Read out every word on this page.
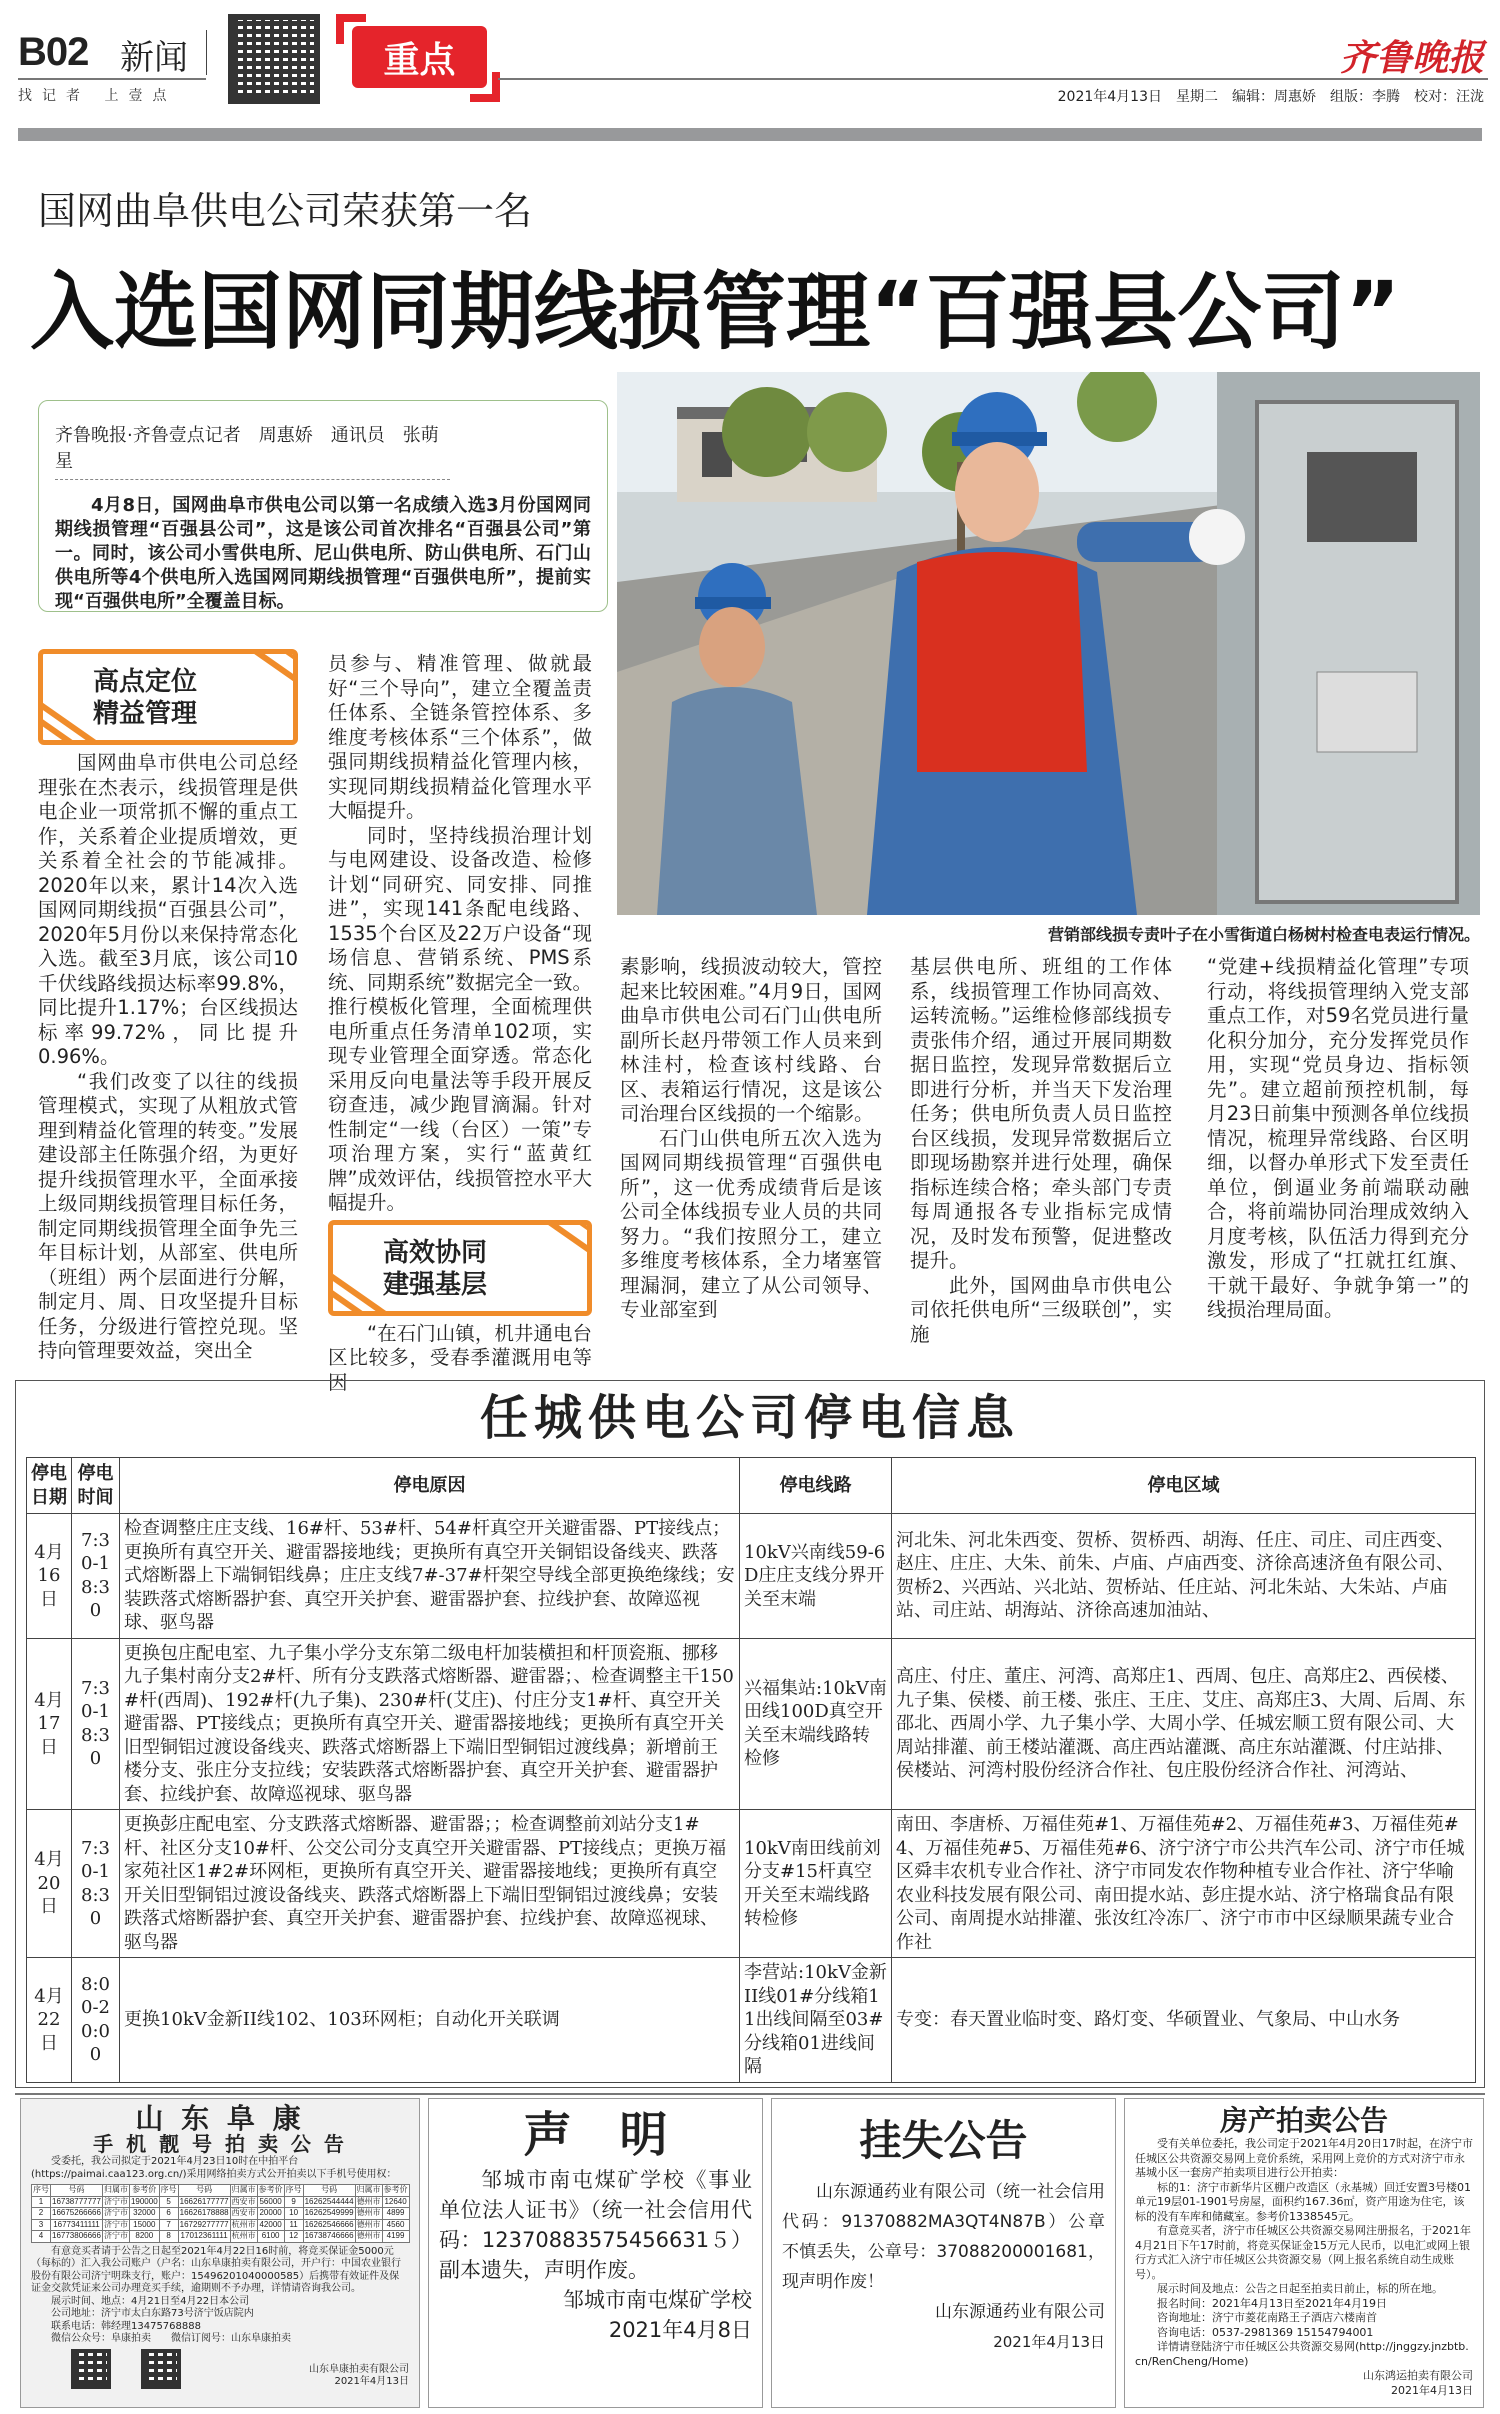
B02 新闻
找记者 上壹点
重点	齐鲁晚报
2021年4月13日　星期二　编辑：周惠娇　组版：李腾　校对：汪泷
国网曲阜供电公司荣获第一名
入选国网同期线损管理“百强县公司”
齐鲁晚报·齐鲁壹点记者　周惠娇　通讯员　张萌星
4月8日，国网曲阜市供电公司以第一名成绩入选3月份国网同期线损管理“百强县公司”，这是该公司首次排名“百强县公司”第一。同时，该公司小雪供电所、尼山供电所、防山供电所、石门山供电所等4个供电所入选国网同期线损管理“百强供电所”，提前实现“百强供电所”全覆盖目标。
营销部线损专责叶子在小雪街道白杨树村检查电表运行情况。
高点定位
精益管理

国网曲阜市供电公司总经理张在杰表示，线损管理是供电企业一项常抓不懈的重点工作，关系着企业提质增效，更关系着全社会的节能减排。2020年以来，累计14次入选国网同期线损“百强县公司”，2020年5月份以来保持常态化入选。截至3月底，该公司10千伏线路线损达标率99.8%，同比提升1.17%；台区线损达标率99.72%，同比提升0.96%。

“我们改变了以往的线损管理模式，实现了从粗放式管理到精益化管理的转变。”发展建设部主任陈强介绍，为更好提升线损管理水平，全面承接上级同期线损管理目标任务，制定同期线损管理全面争先三年目标计划，从部室、供电所（班组）两个层面进行分解，制定月、周、日攻坚提升目标任务，分级进行管控兑现。坚持向管理要效益，突出全

员参与、精准管理、做就最好“三个导向”，建立全覆盖责任体系、全链条管控体系、多维度考核体系“三个体系”，做强同期线损精益化管理内核，实现同期线损精益化管理水平大幅提升。

同时，坚持线损治理计划与电网建设、设备改造、检修计划“同研究、同安排、同推进”，实现141条配电线路、1535个台区及22万户设备“现场信息、营销系统、PMS系统、同期系统”数据完全一致。推行模板化管理，全面梳理供电所重点任务清单102项，实现专业管理全面穿透。常态化采用反向电量法等手段开展反窃查违，减少跑冒滴漏。针对性制定“一线（台区）一策”专项治理方案，实行“蓝黄红牌”成效评估，线损管控水平大幅提升。

高效协同
建强基层

“在石门山镇，机井通电台区比较多，受春季灌溉用电等因

素影响，线损波动较大，管控起来比较困难。”4月9日，国网曲阜市供电公司石门山供电所副所长赵丹带领工作人员来到林洼村，检查该村线路、台区、表箱运行情况，这是该公司治理台区线损的一个缩影。

石门山供电所五次入选为国网同期线损管理“百强供电所”，这一优秀成绩背后是该公司全体线损专业人员的共同努力。“我们按照分工，建立多维度考核体系，全力堵塞管理漏洞，建立了从公司领导、专业部室到

基层供电所、班组的工作体系，线损管理工作协同高效、运转流畅。”运维检修部线损专责张伟介绍，通过开展同期数据日监控，发现异常数据后立即进行分析，并当天下发治理任务；供电所负责人员日监控台区线损，发现异常数据后立即现场勘察并进行处理，确保指标连续合格；牵头部门专责每周通报各专业指标完成情况，及时发布预警，促进整改提升。

此外，国网曲阜市供电公司依托供电所“三级联创”，实施

“党建+线损精益化管理”专项行动，将线损管理纳入党支部重点工作，对59名党员进行量化积分加分，充分发挥党员作用，实现“党员身边、指标领先”。建立超前预控机制，每月23日前集中预测各单位线损情况，梳理异常线路、台区明细，以督办单形式下发至责任单位，倒逼业务前端联动融合，将前端协同治理成效纳入月度考核，队伍活力得到充分激发，形成了“扛就扛红旗、干就干最好、争就争第一”的线损治理局面。

任城供电公司停电信息
停电日期	停电时间	停电原因	停电线路	停电区域
4月16日	7:30-18:30	检查调整庄庄支线、16#杆、53#杆、54#杆真空开关避雷器、PT接线点；更换所有真空开关、避雷器接地线；更换所有真空开关铜铝设备线夹、跌落式熔断器上下端铜铝线鼻；庄庄支线7#-37#杆架空导线全部更换绝缘线；安装跌落式熔断器护套、真空开关护套、避雷器护套、拉线护套、故障巡视球、驱鸟器	10kV兴南线59-6D庄庄支线分界开关至末端	河北朱、河北朱西变、贺桥、贺桥西、胡海、任庄、司庄、司庄西变、赵庄、庄庄、大朱、前朱、卢庙、卢庙西变、济徐高速济鱼有限公司、贺桥2、兴西站、兴北站、贺桥站、任庄站、河北朱站、大朱站、卢庙站、司庄站、胡海站、济徐高速加油站、
4月17日	7:30-18:30	更换包庄配电室、九子集小学分支东第二级电杆加装横担和杆顶瓷瓶、挪移九子集村南分支2#杆、所有分支跌落式熔断器、避雷器；、检查调整主干150#杆(西周)、192#杆(九子集)、230#杆(艾庄)、付庄分支1#杆、真空开关避雷器、PT接线点；更换所有真空开关、避雷器接地线；更换所有真空开关旧型铜铝过渡设备线夹、跌落式熔断器上下端旧型铜铝过渡线鼻；新增前王楼分支、张庄分支拉线；安装跌落式熔断器护套、真空开关护套、避雷器护套、拉线护套、故障巡视球、驱鸟器	兴福集站:10kV南田线100D真空开关至末端线路转检修	高庄、付庄、董庄、河湾、高郑庄1、西周、包庄、高郑庄2、西侯楼、九子集、侯楼、前王楼、张庄、王庄、艾庄、高郑庄3、大周、后周、东邵北、西周小学、九子集小学、大周小学、任城宏顺工贸有限公司、大周站排灌、前王楼站灌溉、高庄西站灌溉、高庄东站灌溉、付庄站排、侯楼站、河湾村股份经济合作社、包庄股份经济合作社、河湾站、
4月20日	7:30-18:30	更换彭庄配电室、分支跌落式熔断器、避雷器；；检查调整前刘站分支1#杆、社区分支10#杆、公交公司分支真空开关避雷器、PT接线点；更换万福家苑社区1#2#环网柜，更换所有真空开关、避雷器接地线；更换所有真空开关旧型铜铝过渡设备线夹、跌落式熔断器上下端旧型铜铝过渡线鼻；安装跌落式熔断器护套、真空开关护套、避雷器护套、拉线护套、故障巡视球、驱鸟器	10kV南田线前刘分支#15杆真空开关至末端线路转检修	南田、李唐桥、万福佳苑#1、万福佳苑#2、万福佳苑#3、万福佳苑#4、万福佳苑#5、万福佳苑#6、济宁济宁市公共汽车公司、济宁市任城区舜丰农机专业合作社、济宁市同发农作物种植专业合作社、济宁华喻农业科技发展有限公司、南田提水站、彭庄提水站、济宁格瑞食品有限公司、南周提水站排灌、张汝红冷冻厂、济宁市市中区绿顺果蔬专业合作社
4月22日	8:00-20:00	更换10kV金新II线102、103环网柜；自动化开关联调	李营站:10kV金新II线01#分线箱11出线间隔至03#分线箱01进线间隔	专变：春天置业临时变、路灯变、华硕置业、气象局、中山水务
山 东 阜 康
手 机 靓 号 拍 卖 公 告
受委托，我公司拟定于2021年4月23日10时在中拍平台(https://paimai.caa123.org.cn/)采用网络拍卖方式公开拍卖以下手机号使用权：
序号	号码	归属市	参考价	序号	号码	归属市	参考价	序号	号码	归属市	参考价
1	16738777777	济宁市	190000	5	16626177777	西安市	56000	9	16262544444	德州市	12640
2	16675266666	济宁市	32000	6	16626178888	西安市	20000	10	16262549999	德州市	4899
3	16773411111	济宁市	15000	7	16729277777	杭州市	42000	11	16262546666	德州市	4560
4	16773806666	济宁市	8200	8	17012361111	杭州市	6100	12	16738746666	德州市	4199
有意竞买者请于公告之日起至2021年4月22日16时前，将竞买保证金5000元（每标的）汇入我公司账户（户名：山东阜康拍卖有限公司，开户行：中国农业银行股份有限公司济宁明珠支行，账户：15496201040000585）后携带有效证件及保证金交款凭证来公司办理竞买手续，逾期则不予办理，详情请咨询我公司。
展示时间、地点：4月21日至4月22日本公司
公司地址：济宁市太白东路73号济宁饭店院内
联系电话：韩经理13475768888
微信公众号：阜康拍卖　　微信订阅号：山东阜康拍卖
山东阜康拍卖有限公司
2021年4月13日
声　明
邹城市南屯煤矿学校《事业单位法人证书》（统一社会信用代码：12370883575456631５）副本遗失，声明作废。
邹城市南屯煤矿学校
2021年4月8日
挂失公告
山东源通药业有限公司（统一社会信用代码：91370882MA3QT4N87B）公章不慎丢失，公章号：37088200001681，现声明作废！
山东源通药业有限公司
2021年4月13日
房产拍卖公告
受有关单位委托，我公司定于2021年4月20日17时起，在济宁市任城区公共资源交易网上竞价系统，采用网上竞价的方式对济宁市永基城小区一套房产拍卖项目进行公开拍卖：
标的1：济宁市新华片区棚户改造区（永基城）回迁安置3号楼01单元19层01-1901号房屋，面积约167.36㎡，资产用途为住宅，该标的没有车库和储藏室。参考价1338545元。
有意竞买者，济宁市任城区公共资源交易网注册报名，于2021年4月21日下午17时前，将竞买保证金15万元人民币，以电汇或网上银行方式汇入济宁市任城区公共资源交易（网上报名系统自动生成账号）。
展示时间及地点：公告之日起至拍卖日前止，标的所在地。
报名时间：2021年4月13日至2021年4月19日
咨询地址：济宁市菱花南路王子酒店六楼南首
咨询电话：0537-2981369 15154794001
详情请登陆济宁市任城区公共资源交易网(http://jnggzy.jnzbtb.cn/RenCheng/Home)
山东鸿运拍卖有限公司
2021年4月13日
